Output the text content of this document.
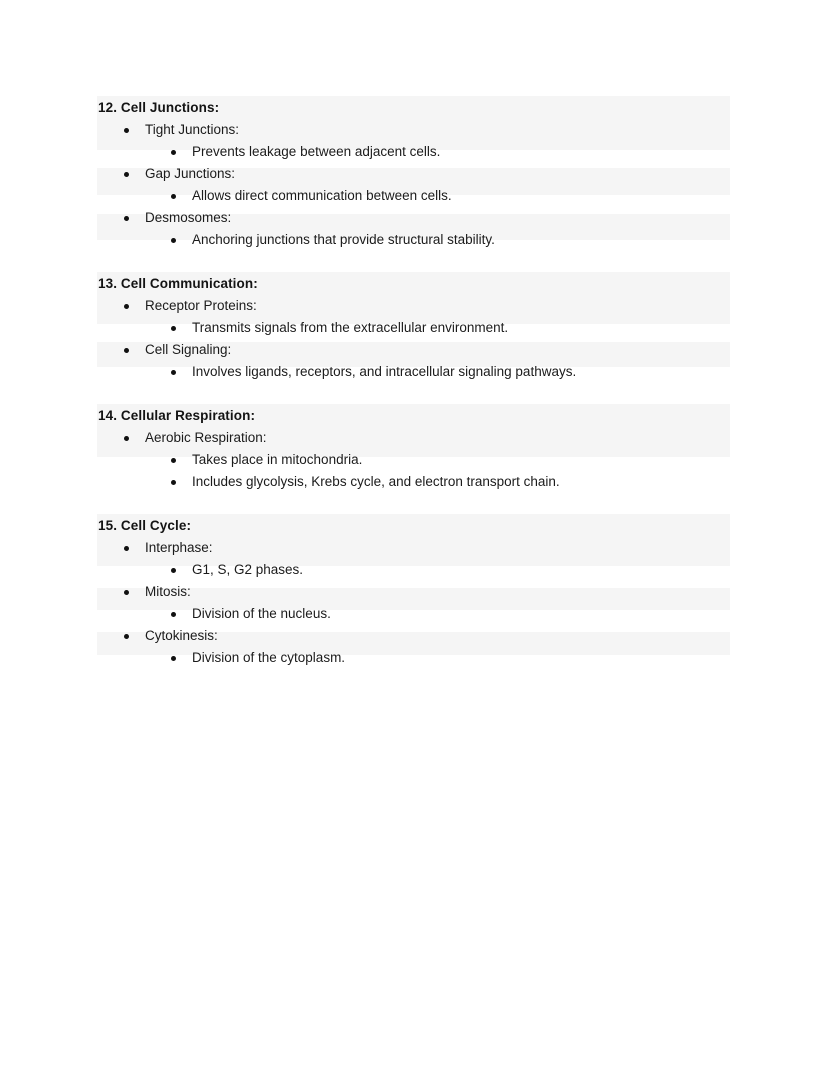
12. Cell Junctions:
Tight Junctions:
Prevents leakage between adjacent cells.
Gap Junctions:
Allows direct communication between cells.
Desmosomes:
Anchoring junctions that provide structural stability.
13. Cell Communication:
Receptor Proteins:
Transmits signals from the extracellular environment.
Cell Signaling:
Involves ligands, receptors, and intracellular signaling pathways.
14. Cellular Respiration:
Aerobic Respiration:
Takes place in mitochondria.
Includes glycolysis, Krebs cycle, and electron transport chain.
15. Cell Cycle:
Interphase:
G1, S, G2 phases.
Mitosis:
Division of the nucleus.
Cytokinesis:
Division of the cytoplasm.
